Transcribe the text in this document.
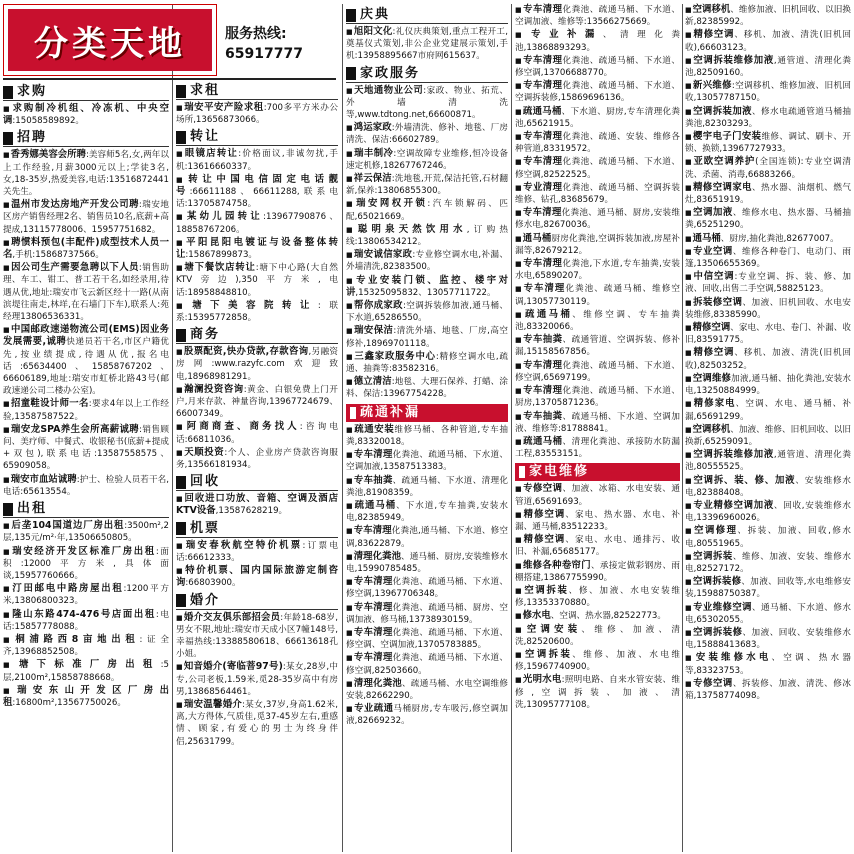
分类天地	服务热线:
65917777
求购
■ 求购制冷机组、冷冻机、中央空调:15058589892。
招聘
■ 香秀娜美容会所聘:美容师5名,女,两年以上工作经验,月薪3000元以上;学徒3名,女,18-35岁,热爱美容,电话:13516872441关先生。
■ 温州市发达房地产开发公司聘:瑞安地区房产销售经理2名、销售员10名,底薪+高提成,13115778006、15957751682。
■ 聘惯料预包(丰配件)成型技术人员一名,手机:15868737566。
■ 因公司生产需要急聘以下人员:销售助理、车工、钳工、普工若干名,如经录用,待遇从优,地址:瑞安市飞云新区经十一路(从南滨堤往南走,林垟,在石墙门下车),联系人:苑经理13806536331。
■ 中国邮政速递物流公司(EMS)因业务发展需要,诚聘快递员若干名,市区户籍优先,按业绩提成,待遇从优,报名电话:65634400、15858767202、66606189,地址:瑞安市虹桥北路43号(邮政速递公司二楼办公室)。
■ 招童鞋设计师一名:要求4年以上工作经验,13587587522。
■ 瑞安龙SPA养生会所高薪诚聘:销售顾问、美疗师、中餐式、收银秘书(底薪+提成+双包),联系电话:13587558575、65909058。
■ 瑞安市血站诚聘:护士、检验人员若干名,电话:65613554。
出租
■ 后垄104国道边厂房出租:3500m²,2层,135元/m²·年,13506650805。
■ 瑞安经济开发区标准厂房出租:面积:12000平方米,具体面谈,15957760666。
■ 汀田邮电中路房屋出租:1200平方米,13806800323。
■ 隆山东路474-476号店面出租:电话:15857778088。
■ 桐浦路西8亩地出租:证全齐,13968852508。
■ 塘下标准厂房出租:5层,2100m²,15858788668。
■ 瑞安东山开发区厂房出租:16800m²,13567750026。
求租
■ 瑞安平安产险求租:700多平方米办公场所,13656873066。
转让
■ 眼镜店转让:价格面议,非诚勿扰,手机:13616660337。
■ 转让中国电信固定电话靓号:66611188、66611288,联系电话:13705874758。
■ 某幼儿园转让:13967790876、18858767206。
■ 平阳昆阳电镀证与设备整体转让:15867899873。
■ 塘下餐饮店转让:塘下中心路(大自然KTV旁边),350平方米,电话:18958848810。
■ 塘下美容院转让:联系:15395772858。
商务
■ 股票配资,快办贷款,存款咨询,另融资房网:www.razyfc.com欢迎致电,18968981291。
■ 瀚澜投资咨询:黄金、白银免费上门开户,月来存款、神量咨询,13967724679、66007349。
■ 阿商商查、商务找人:咨询电话:66811036。
■ 天顺投资:个人、企业房产贷款咨询服务,13566181934。
回收
■ 回收进口功放、音箱、空调及酒店KTV设备,13587628219。
机票
■ 瑞安春秋航空特价机票:订票电话:66612333。
■ 特价机票、国内国际旅游定制咨询:66803900。
婚介
■ 婚介交友俱乐部招会员:年龄18-68岁,男女不限,地址:瑞安市天成小区7幢148号,幸福热线:13388580618、66613618孔小姐。
■ 知音婚介(寄临菩97号):某女,28岁,中专,公司老板,1.59米,觅28-35岁高中有房男,13868564461。
■ 瑞安温馨婚介:某女,37岁,身高1.62米,离,大方得体,气质佳,觅37-45岁左右,重感情、顾家,有爱心的男士为终身伴侣,25631799。
庆典
■ 旭阳文化:礼仪庆典策划,重点工程开工,奠基仪式策划,非公企业党建展示策划,手机:13958895667市府网615637。
家政服务
■ 天地通物业公司:家政、物业、拓荒、外墙清洗等,www.tdtong.net,66600871。
■ 鸿运家政:外墙清洗、修补、地毯、厂房清洗、保洁:66602789。
■ 瑞丰制冷:空调故障专业维修,恒冷设备速定机修,18267767246。
■ 祥云保洁:洗地毯,开荒,保洁托管,石材翻新,保养:13806855300。
■ 瑞安网权开锁:汽车锁解码、匹配,65021669。
■ 聪明泉天然饮用水,订购热线:13806534212。
■ 瑞安诚信家政:专业修空调水电,补漏、外墙清洗,82383500。
■ 专业安装门锁、监控、楼宇对讲,15325095832、13057711722。
■ 帮你成家政:空调拆装修加液,通马桶、下水道,65286550。
■ 瑞安保洁:清洗外墙、地毯、厂房,高空修补,18969701118。
■ 三鑫家政服务中心:精修空调水电,疏通、抽粪等:83582316。
■ 德立清洁:地毯、大理石保养、打蜡、涂料、保洁:13967754228。
疏通补漏
■ 疏通安装维修马桶、各种管道,专车抽粪,83320018。
■ 专车清理化粪池、疏通马桶、下水道、空调加液,13587513383。
■ 专车抽粪、疏通马桶、下水道、清理化粪池,81908359。
■ 疏通马桶、下水道,专车抽粪,安装水电,82385949。
■ 专车清理化粪池,通马桶、下水道、修空调,83622879。
■ 清理化粪池、通马桶、厨房,安装维修水电,15990785485。
■ 专车清理化粪池、疏通马桶、下水道、修空调,13967706348。
■ 专车清理化粪池、疏通马桶、厨房、空调加液、修马桶,13738930159。
■ 专车清理化粪池、疏通马桶、下水道、修空调、空调加液,13705783885。
■ 专车清理化粪池、疏通马桶、下水道、修空调,82503660。
■ 清理化粪池、疏通马桶、水电空调维修安装,82662290。
■ 专业疏通马桶厨房,专车吸污,修空调加液,82669232。
■ 专车清理化粪池、疏通马桶、下水道、空调加液、维修等:13566275669。
■ 专业补漏、清理化粪池,13868893293。
■ 专车清理化粪池、疏通马桶、下水道、修空调,13706688770。
■ 专车清理化粪池、疏通马桶、下水道、空调拆装修,15869696136。
■ 疏通马桶、下水道、厨房,专车清理化粪池,65621915。
■ 专车清理化粪池、疏通、安装、维修各种管道,83319572。
■ 专车清理化粪池、疏通马桶、下水道、修空调,82522525。
■ 专业清理化粪池、疏通马桶、空调拆装维修、钻孔,83685679。
■ 专车清理化粪池、通马桶、厨房,安装维修水电,82670036。
■ 通马桶厨房化粪池,空调拆装加液,房屋补漏等,82679212。
■ 专车清理化粪池,下水道,专车抽粪,安装水电,65890207。
■ 专车清理化粪池、疏通马桶、维修空调,13057730119。
■ 疏通马桶、维修空调、专车抽粪池,83320066。
■ 专车抽粪、疏通管道、空调拆装、修补漏,15158567856。
■ 专车清理化粪池、疏通马桶、下水道、修空调,65697199。
■ 专车清理化粪池、疏通马桶、下水道、厨房,13705871236。
■ 专车抽粪、疏通马桶、下水道、空调加液、维修等:81788841。
■ 疏通马桶、清理化粪池、承接防水防漏工程,83553151。
家电维修
■ 专修空调、加液、冰箱、水电安装、通管道,65691693。
■ 精修空调、家电、热水器、水电、补漏、通马桶,83512233。
■ 精修空调、家电、水电、通排污、收旧、补漏,65685177。
■ 维修各种卷帘门、承接定做彩钢房、雨棚搭建,13867755990。
■ 空调拆装、修、加液、水电安装维修,13353370880。
■ 修水电、空调、热水器,82522773。
■ 空调安装、维修、加液、清洗,82520600。
■ 空调拆装、维修、加液、水电维修,15967740900。
■ 光明水电:照明电路、自来水管安装、维修,空调拆装、加液、清洗,13095777108。
■ 空调移机、维修加液、旧机回收、以旧换新,82385992。
■ 精修空调、移机、加液、清洗(旧机回收),66603123。
■ 空调拆装维修加液,通管道、清理化粪池,82509160。
■ 新兴维修:空调移机、维修加液、旧机回收,13057787150。
■ 空调拆装加液、修水电疏通管道马桶抽粪池,82303293。
■ 樱宇电子门安装维修、调试、刷卡、开锁、换锁,13967727933。
■ 亚欧空调养护(全国连锁):专业空调清洗、杀菌、消毒,66883266。
■ 精修空调家电、热水器、油烟机、燃气灶,83651919。
■ 空调加液、维修水电、热水器、马桶抽粪,65251290。
■ 通马桶、厨房,抽化粪池,82677007。
■ 专业空调、维修各种卷门、电动门、雨篷,13506655369。
■ 中信空调:专业空调、拆、装、修、加液、回收,出售二手空调,58825123。
■ 拆装修空调、加液、旧机回收、水电安装维修,83385990。
■ 精修空调、家电、水电、卷门、补漏、收旧,83591775。
■ 精修空调、移机、加液、清洗(旧机回收),82503252。
■ 空调维修加液,通马桶、抽化粪池,安装水电,13250884999。
■ 精修家电、空调、水电、通马桶、补漏,65691299。
■ 空调移机、加液、维修、旧机回收、以旧换新,65259091。
■ 空调拆装维修加液,通管道、清理化粪池,80555525。
■ 空调拆、装、修、加液、安装维修水电,82388408。
■ 专业精修空调加液、回收,安装维修水电,13396960026。
■ 空调修理、拆装、加液、回收,修水电,80551965。
■ 空调拆装、维修、加液、安装、维修水电,82527172。
■ 空调拆装修、加液、回收等,水电维修安装,15988750387。
■ 专业维修空调、通马桶、下水道、修水电,65302055。
■ 空调拆装修、加液、回收、安装维修水电,15888413683。
■ 安装维修水电、空调、热水器等,83323753。
■ 专修空调、拆装修、加液、清洗、修冰箱,13758774098。
